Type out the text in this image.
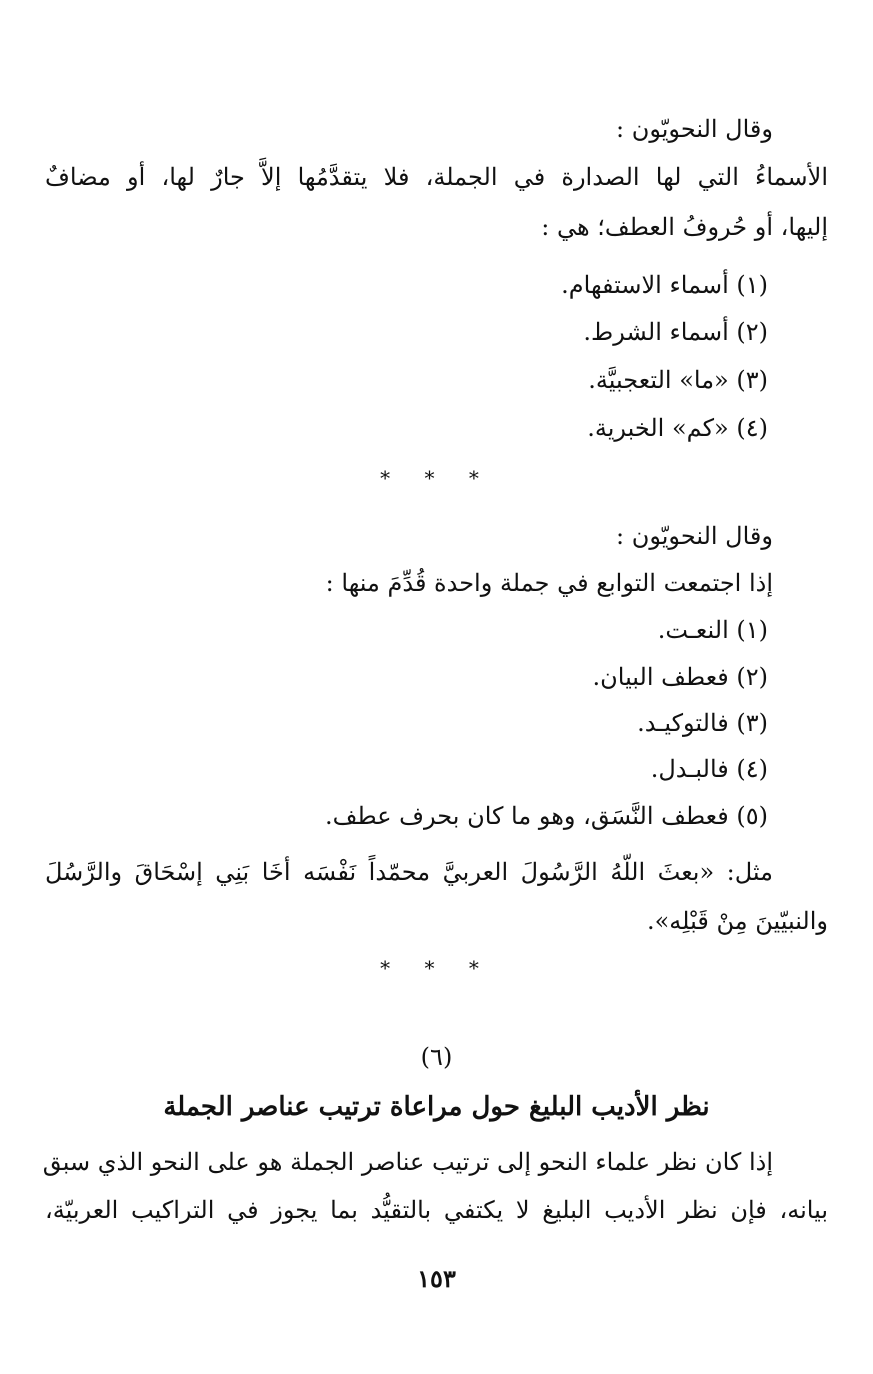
وقال النحويّون :
الأسماءُ التي لها الصدارة في الجملة، فلا يتقدَّمُها إلاَّ جارٌ لها، أو مضافٌ
إليها، أو حُروفُ العطف؛ هي :
(١) أسماء الاستفهام.
(٢) أسماء الشرط.
(٣) «ما» التعجبيَّة.
(٤) «كم» الخبرية.
* * *
وقال النحويّون :
إذا اجتمعت التوابع في جملة واحدة قُدِّمَ منها :
(١) النعـت.
(٢) فعطف البيان.
(٣) فالتوكيـد.
(٤) فالبـدل.
(٥) فعطف النَّسَق، وهو ما كان بحرف عطف.
مثل: «بعثَ اللّهُ الرَّسُولَ العربيَّ محمّداً نَفْسَه أخَا بَنِي إسْحَاقَ والرَّسُلَ
والنبيّينَ مِنْ قَبْلِه».
* * *
(٦)
نظر الأديب البليغ حول مراعاة ترتيب عناصر الجملة
إذا كان نظر علماء النحو إلى ترتيب عناصر الجملة هو على النحو الذي سبق
بيانه، فإن نظر الأديب البليغ لا يكتفي بالتقيُّد بما يجوز في التراكيب العربيّة،
١٥٣
